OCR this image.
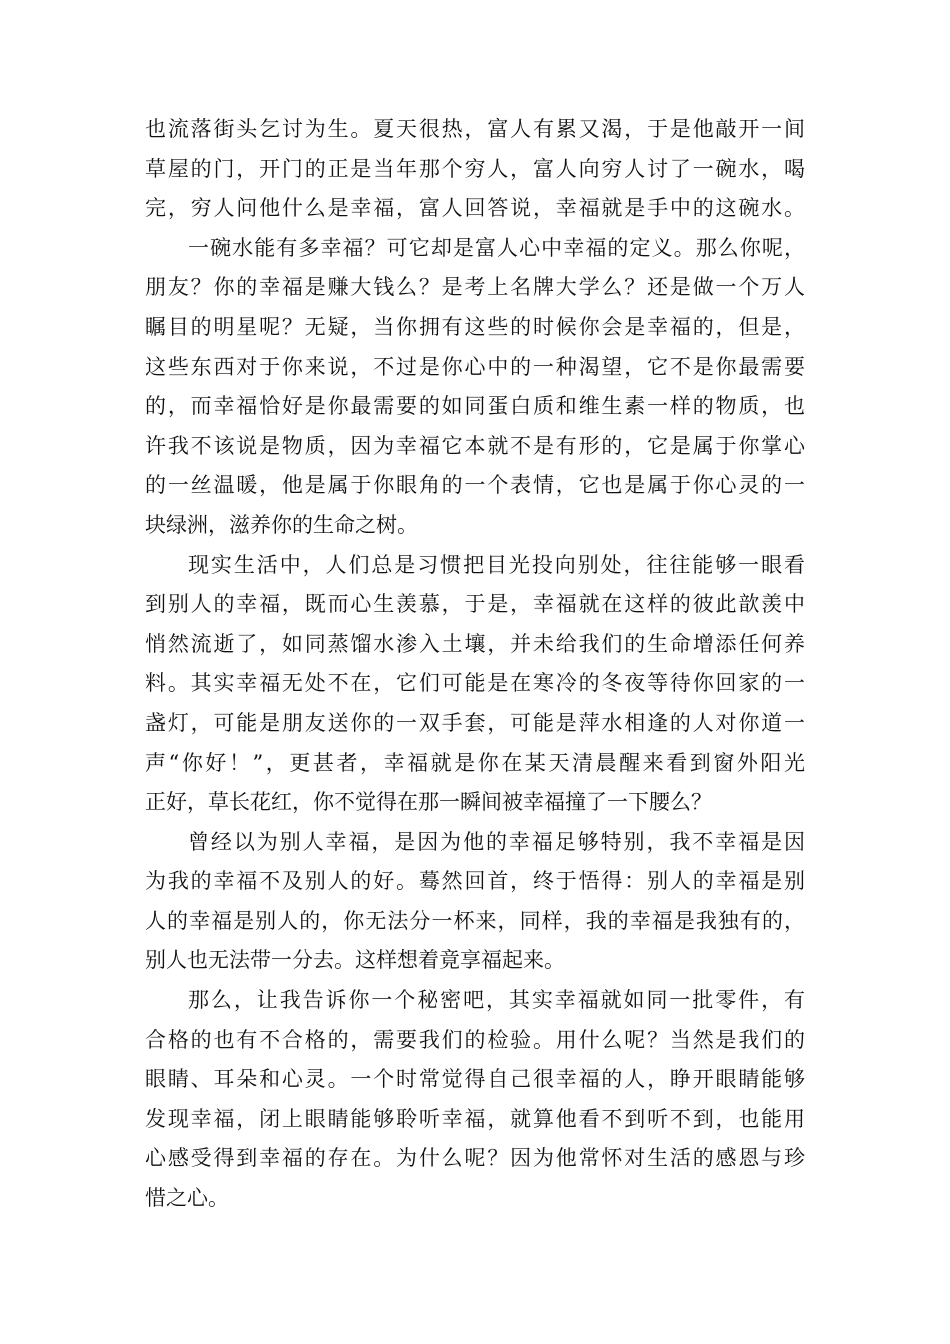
也流落街头乞讨为生。夏天很热，富人有累又渴，于是他敲开一间
草屋的门，开门的正是当年那个穷人，富人向穷人讨了一碗水，喝
完，穷人问他什么是幸福，富人回答说，幸福就是手中的这碗水。
一碗水能有多幸福？可它却是富人心中幸福的定义。那么你呢，
朋友？你的幸福是赚大钱么？是考上名牌大学么？还是做一个万人
瞩目的明星呢？无疑，当你拥有这些的时候你会是幸福的，但是，
这些东西对于你来说，不过是你心中的一种渴望，它不是你最需要
的，而幸福恰好是你最需要的如同蛋白质和维生素一样的物质，也
许我不该说是物质，因为幸福它本就不是有形的，它是属于你掌心
的一丝温暖，他是属于你眼角的一个表情，它也是属于你心灵的一
块绿洲，滋养你的生命之树。
现实生活中，人们总是习惯把目光投向别处，往往能够一眼看
到别人的幸福，既而心生羡慕，于是，幸福就在这样的彼此歆羡中
悄然流逝了，如同蒸馏水渗入土壤，并未给我们的生命增添任何养
料。其实幸福无处不在，它们可能是在寒冷的冬夜等待你回家的一
盏灯，可能是朋友送你的一双手套，可能是萍水相逢的人对你道一
声“你好！”，更甚者，幸福就是你在某天清晨醒来看到窗外阳光
正好，草长花红，你不觉得在那一瞬间被幸福撞了一下腰么？
曾经以为别人幸福，是因为他的幸福足够特别，我不幸福是因
为我的幸福不及别人的好。蓦然回首，终于悟得：别人的幸福是别
人的幸福是别人的，你无法分一杯来，同样，我的幸福是我独有的，
别人也无法带一分去。这样想着竟享福起来。
那么，让我告诉你一个秘密吧，其实幸福就如同一批零件，有
合格的也有不合格的，需要我们的检验。用什么呢？当然是我们的
眼睛、耳朵和心灵。一个时常觉得自己很幸福的人，睁开眼睛能够
发现幸福，闭上眼睛能够聆听幸福，就算他看不到听不到，也能用
心感受得到幸福的存在。为什么呢？因为他常怀对生活的感恩与珍
惜之心。
